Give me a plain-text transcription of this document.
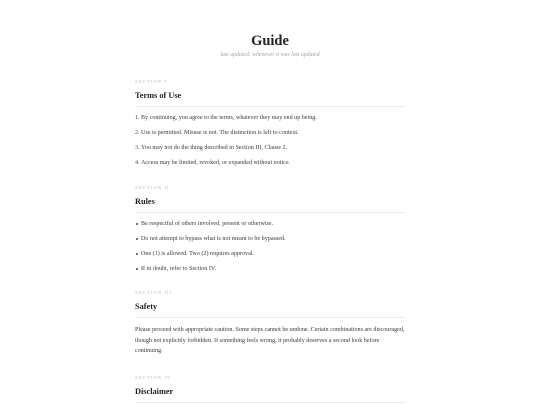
Guide
last updated: whenever it was last updated
SECTION I
Terms of Use
1. By continuing, you agree to the terms, whatever they may end up being.
2. Use is permitted. Misuse is not. The distinction is left to context.
3. You may not do the thing described in Section III, Clause 2.
4. Access may be limited, revoked, or expanded without notice.
SECTION II
Rules
Be respectful of others involved, present or otherwise.
Do not attempt to bypass what is not meant to be bypassed.
One (1) is allowed. Two (2) requires approval.
If in doubt, refer to Section IV.
SECTION III
Safety

Please proceed with appropriate caution. Some steps cannot be undone. Certain combinations are discouraged, though not explicitly forbidden. If something feels wrong, it probably deserves a second look before continuing.

SECTION IV
Disclaimer
